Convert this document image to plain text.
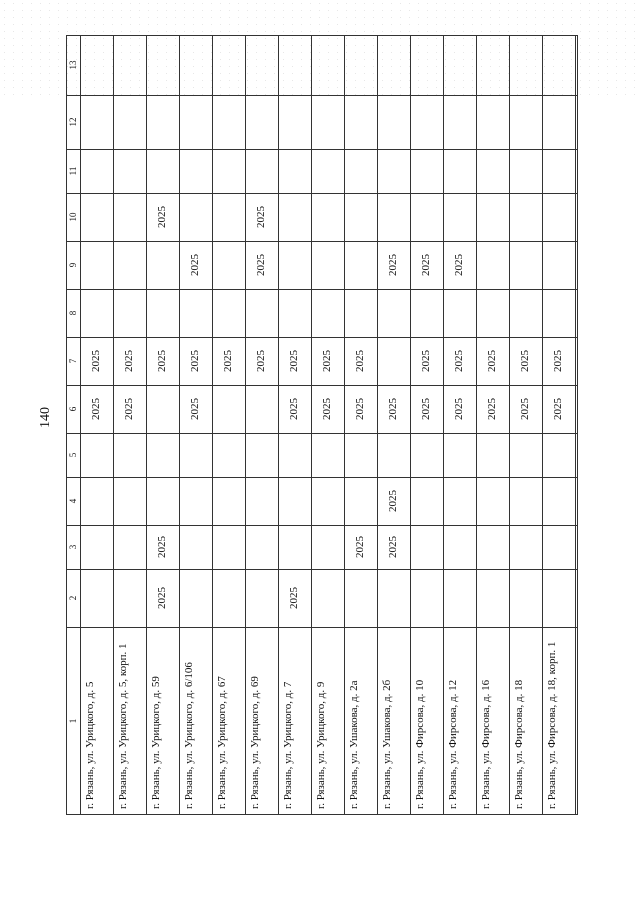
140
г. Рязань, ул. Урицкого, д. 5
2025
2025
г. Рязань, ул. Урицкого, д. 5, корп. 1
2025
2025
г. Рязань, ул. Урицкого, д. 59
2025
2025
2025
2025
г. Рязань, ул. Урицкого, д. 6/106
2025
2025
2025
г. Рязань, ул. Урицкого, д. 67
2025
г. Рязань, ул. Урицкого, д. 69
2025
2025
2025
г. Рязань, ул. Урицкого, д. 7
2025
2025
2025
г. Рязань, ул. Урицкого, д. 9
2025
2025
г. Рязань, ул. Ушакова, д. 2а
2025
2025
2025
г. Рязань, ул. Ушакова, д. 2б
2025
2025
2025
2025
г. Рязань, ул. Фирсова, д. 10
2025
2025
2025
г. Рязань, ул. Фирсова, д. 12
2025
2025
2025
г. Рязань, ул. Фирсова, д. 16
2025
2025
г. Рязань, ул. Фирсова, д. 18
2025
2025
г. Рязань, ул. Фирсова, д. 18, корп. 1
2025
2025
1
2
3
4
5
6
7
8
9
10
11
12
13
